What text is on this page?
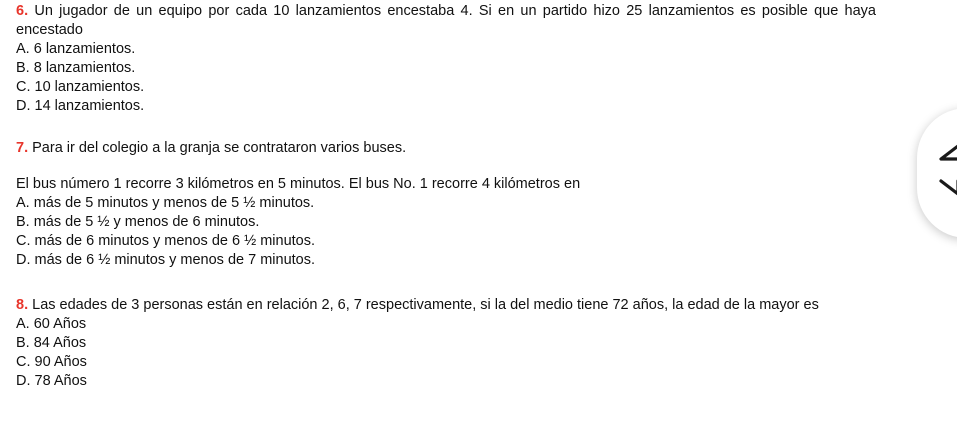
6. Un jugador de un equipo por cada 10 lanzamientos encestaba 4. Si en un partido hizo 25 lanzamientos es posible que haya encestado

A. 6 lanzamientos.
B. 8 lanzamientos.
C. 10 lanzamientos.
D. 14 lanzamientos.

7. Para ir del colegio a la granja se contrataron varios buses.

El bus número 1 recorre 3 kilómetros en 5 minutos. El bus No. 1 recorre 4 kilómetros en

A. más de 5 minutos y menos de 5 ½ minutos.
B. más de 5 ½ y menos de 6 minutos.
C. más de 6 minutos y menos de 6 ½ minutos.
D. más de 6 ½ minutos y menos de 7 minutos.

8. Las edades de 3 personas están en relación 2, 6, 7 respectivamente, si la del medio tiene 72 años, la edad de la mayor es

A. 60 Años
B. 84 Años
C. 90 Años
D. 78 Años
